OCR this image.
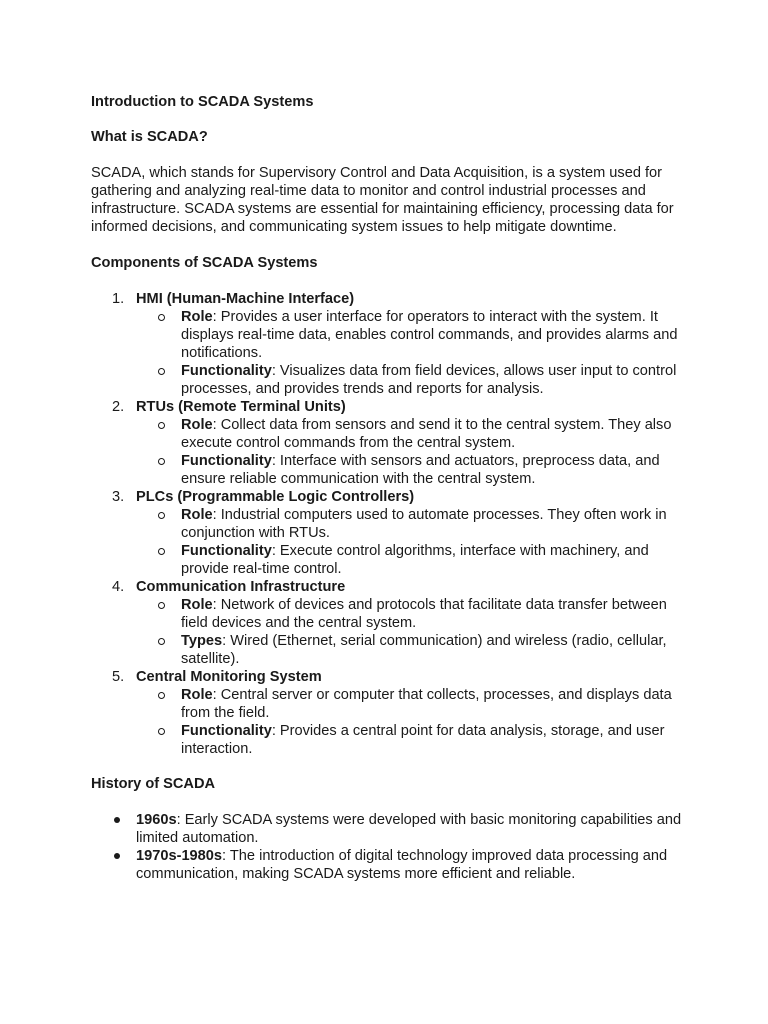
Introduction to SCADA Systems
What is SCADA?

SCADA, which stands for Supervisory Control and Data Acquisition, is a system used for gathering and analyzing real-time data to monitor and control industrial processes and infrastructure. SCADA systems are essential for maintaining efficiency, processing data for informed decisions, and communicating system issues to help mitigate downtime.

Components of SCADA Systems
1. HMI (Human-Machine Interface)
Role: Provides a user interface for operators to interact with the system. It displays real-time data, enables control commands, and provides alarms and notifications.
Functionality: Visualizes data from field devices, allows user input to control processes, and provides trends and reports for analysis.
2. RTUs (Remote Terminal Units)
Role: Collect data from sensors and send it to the central system. They also execute control commands from the central system.
Functionality: Interface with sensors and actuators, preprocess data, and ensure reliable communication with the central system.
3. PLCs (Programmable Logic Controllers)
Role: Industrial computers used to automate processes. They often work in conjunction with RTUs.
Functionality: Execute control algorithms, interface with machinery, and provide real-time control.
4. Communication Infrastructure
Role: Network of devices and protocols that facilitate data transfer between field devices and the central system.
Types: Wired (Ethernet, serial communication) and wireless (radio, cellular, satellite).
5. Central Monitoring System
Role: Central server or computer that collects, processes, and displays data from the field.
Functionality: Provides a central point for data analysis, storage, and user interaction.
History of SCADA
1960s: Early SCADA systems were developed with basic monitoring capabilities and limited automation.
1970s-1980s: The introduction of digital technology improved data processing and communication, making SCADA systems more efficient and reliable.
